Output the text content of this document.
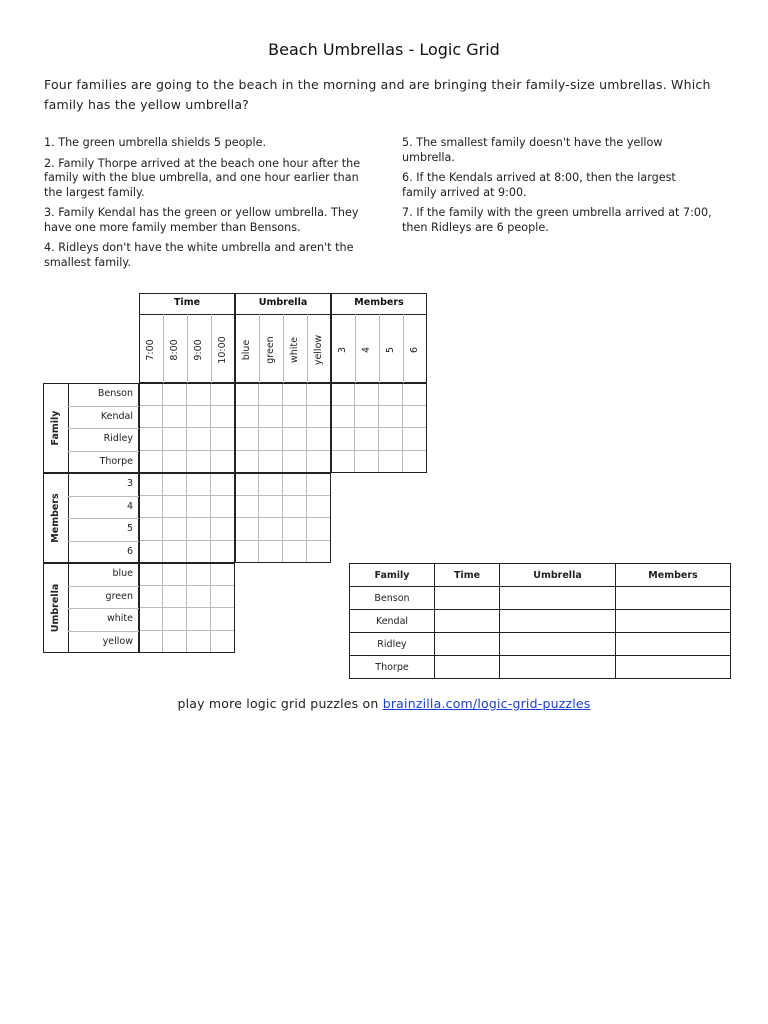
Beach Umbrellas - Logic Grid
Four families are going to the beach in the morning and are bringing their family-size umbrellas. Which family has the yellow umbrella?
1. The green umbrella shields 5 people.
2. Family Thorpe arrived at the beach one hour after the family with the blue umbrella, and one hour earlier than the largest family.
3. Family Kendal has the green or yellow umbrella. They have one more family member than Bensons.
4. Ridleys don't have the white umbrella and aren't the smallest family.
5. The smallest family doesn't have the yellow umbrella.
6. If the Kendals arrived at 8:00, then the largest family arrived at 9:00.
7. If the family with the green umbrella arrived at 7:00, then Ridleys are 6 people.
Time
7:00 8:00 9:00 10:00
Umbrella
blue green white yellow
Members
3 4 5 6
Family
Benson
Kendal
Ridley
Thorpe
Members
3
4
5
6
Umbrella
blue
green
white
yellow
Family	Time	Umbrella	Members
Benson			
Kendal			
Ridley			
Thorpe			
play more logic grid puzzles on brainzilla.com/logic-grid-puzzles
